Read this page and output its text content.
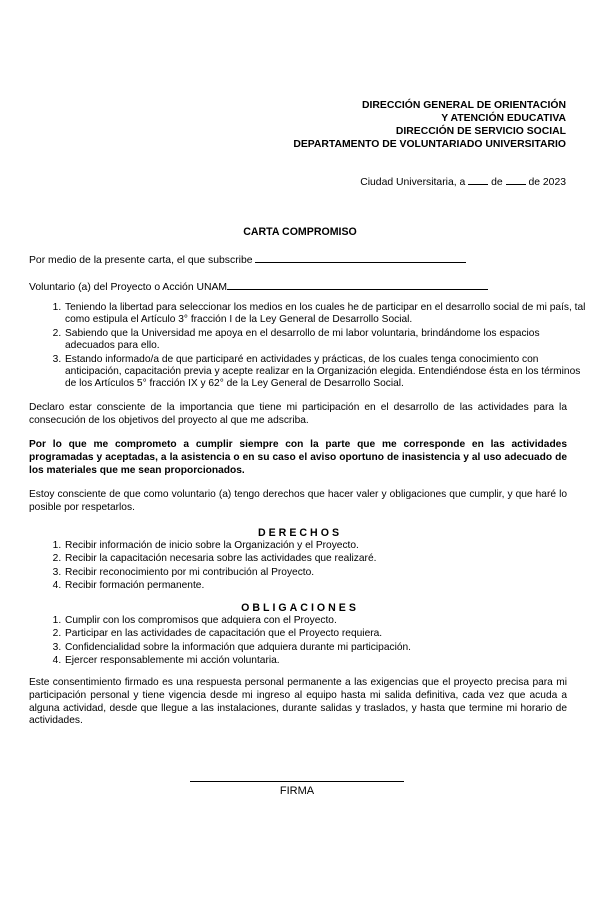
DIRECCIÓN GENERAL DE ORIENTACIÓN
Y ATENCIÓN EDUCATIVA
DIRECCIÓN DE SERVICIO SOCIAL
DEPARTAMENTO DE VOLUNTARIADO UNIVERSITARIO
Ciudad Universitaria, a de de 2023
CARTA COMPROMISO
Por medio de la presente carta, el que subscribe
Voluntario (a) del Proyecto o Acción UNAM
1. Teniendo la libertad para seleccionar los medios en los cuales he de participar en el desarrollo social de mi país, tal como estipula el Artículo 3° fracción I de la Ley General de Desarrollo Social.
2. Sabiendo que la Universidad me apoya en el desarrollo de mi labor voluntaria, brindándome los espacios adecuados para ello.
3. Estando informado/a de que participaré en actividades y prácticas, de los cuales tenga conocimiento con anticipación, capacitación previa y acepte realizar en la Organización elegida. Entendiéndose ésta en los términos de los Artículos 5° fracción IX y 62° de la Ley General de Desarrollo Social.
Declaro estar consciente de la importancia que tiene mi participación en el desarrollo de las actividades para la consecución de los objetivos del proyecto al que me adscriba.
Por lo que me comprometo a cumplir siempre con la parte que me corresponde en las actividades programadas y aceptadas, a la asistencia o en su caso el aviso oportuno de inasistencia y al uso adecuado de los materiales que me sean proporcionados.
Estoy consciente de que como voluntario (a) tengo derechos que hacer valer y obligaciones que cumplir, y que haré lo posible por respetarlos.
DERECHOS
1. Recibir información de inicio sobre la Organización y el Proyecto.
2. Recibir la capacitación necesaria sobre las actividades que realizaré.
3. Recibir reconocimiento por mi contribución al Proyecto.
4. Recibir formación permanente.
OBLIGACIONES
1. Cumplir con los compromisos que adquiera con el Proyecto.
2. Participar en las actividades de capacitación que el Proyecto requiera.
3. Confidencialidad sobre la información que adquiera durante mi participación.
4. Ejercer responsablemente mi acción voluntaria.
Este consentimiento firmado es una respuesta personal permanente a las exigencias que el proyecto precisa para mi participación personal y tiene vigencia desde mi ingreso al equipo hasta mi salida definitiva, cada vez que acuda a alguna actividad, desde que llegue a las instalaciones, durante salidas y traslados, y hasta que termine mi horario de actividades.
FIRMA
